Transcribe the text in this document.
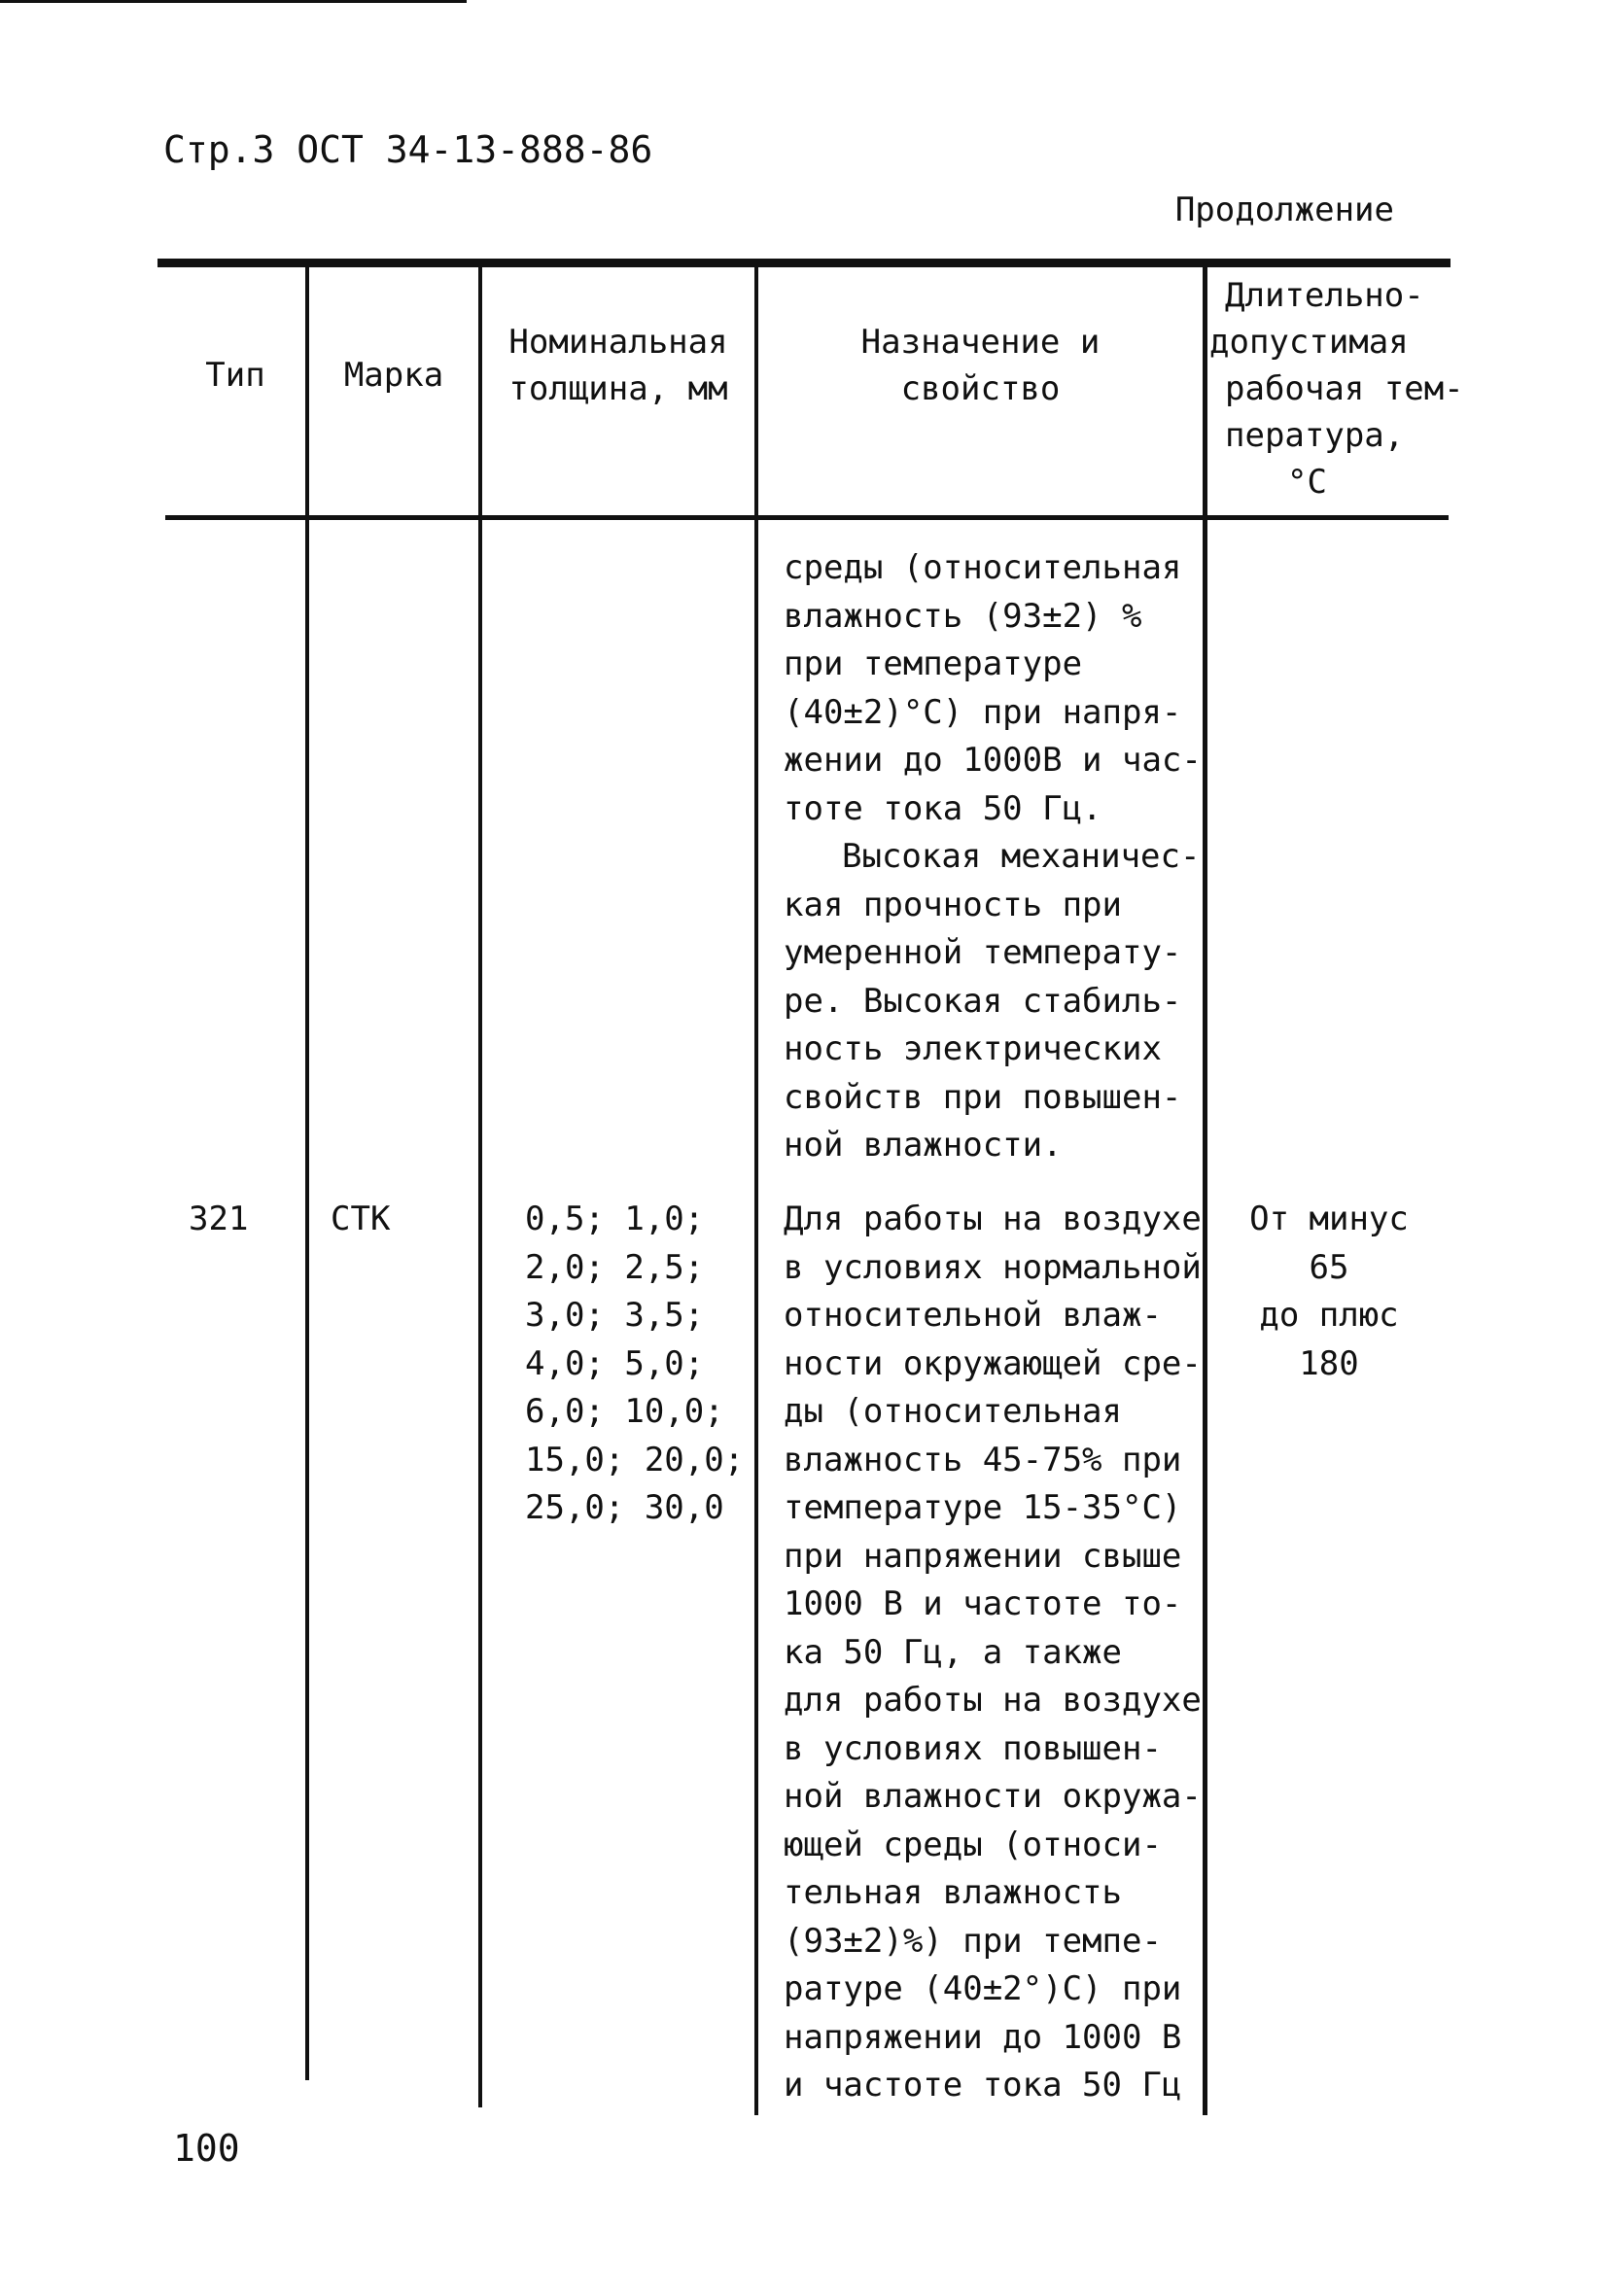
Стр.3 ОСТ 34-13-888-86
Продолжение
Тип	Марка
Номинальная
толщина, мм
Назначение и
свойство
Длительно-
допустимая
рабочая тем-
пература,
°C
среды (относительная
влажность (93±2) %
при температуре
(40±2)°C) при напря-
жении до 1000В и час-
тоте тока 50 Гц.
Высокая механичес-
кая прочность при
умеренной температу-
ре. Высокая стабиль-
ность электрических
свойств при повышен-
ной влажности.
321 СТК	0,5; 1,0;
2,0; 2,5;
3,0; 3,5;
4,0; 5,0;
6,0; 10,0;
15,0; 20,0;
25,0; 30,0
Для работы на воздухе
в условиях нормальной
относительной влаж-
ности окружающей сре-
ды (относительная
влажность 45-75% при
температуре 15-35°C)
при напряжении свыше
1000 В и частоте то-
ка 50 Гц, а также
для работы на воздухе
в условиях повышен-
ной влажности окружа-
ющей среды (относи-
тельная влажность
(93±2)%) при темпе-
ратуре (40±2°)C) при
напряжении до 1000 В
и частоте тока 50 Гц
От минус
65
до плюс
180
100
